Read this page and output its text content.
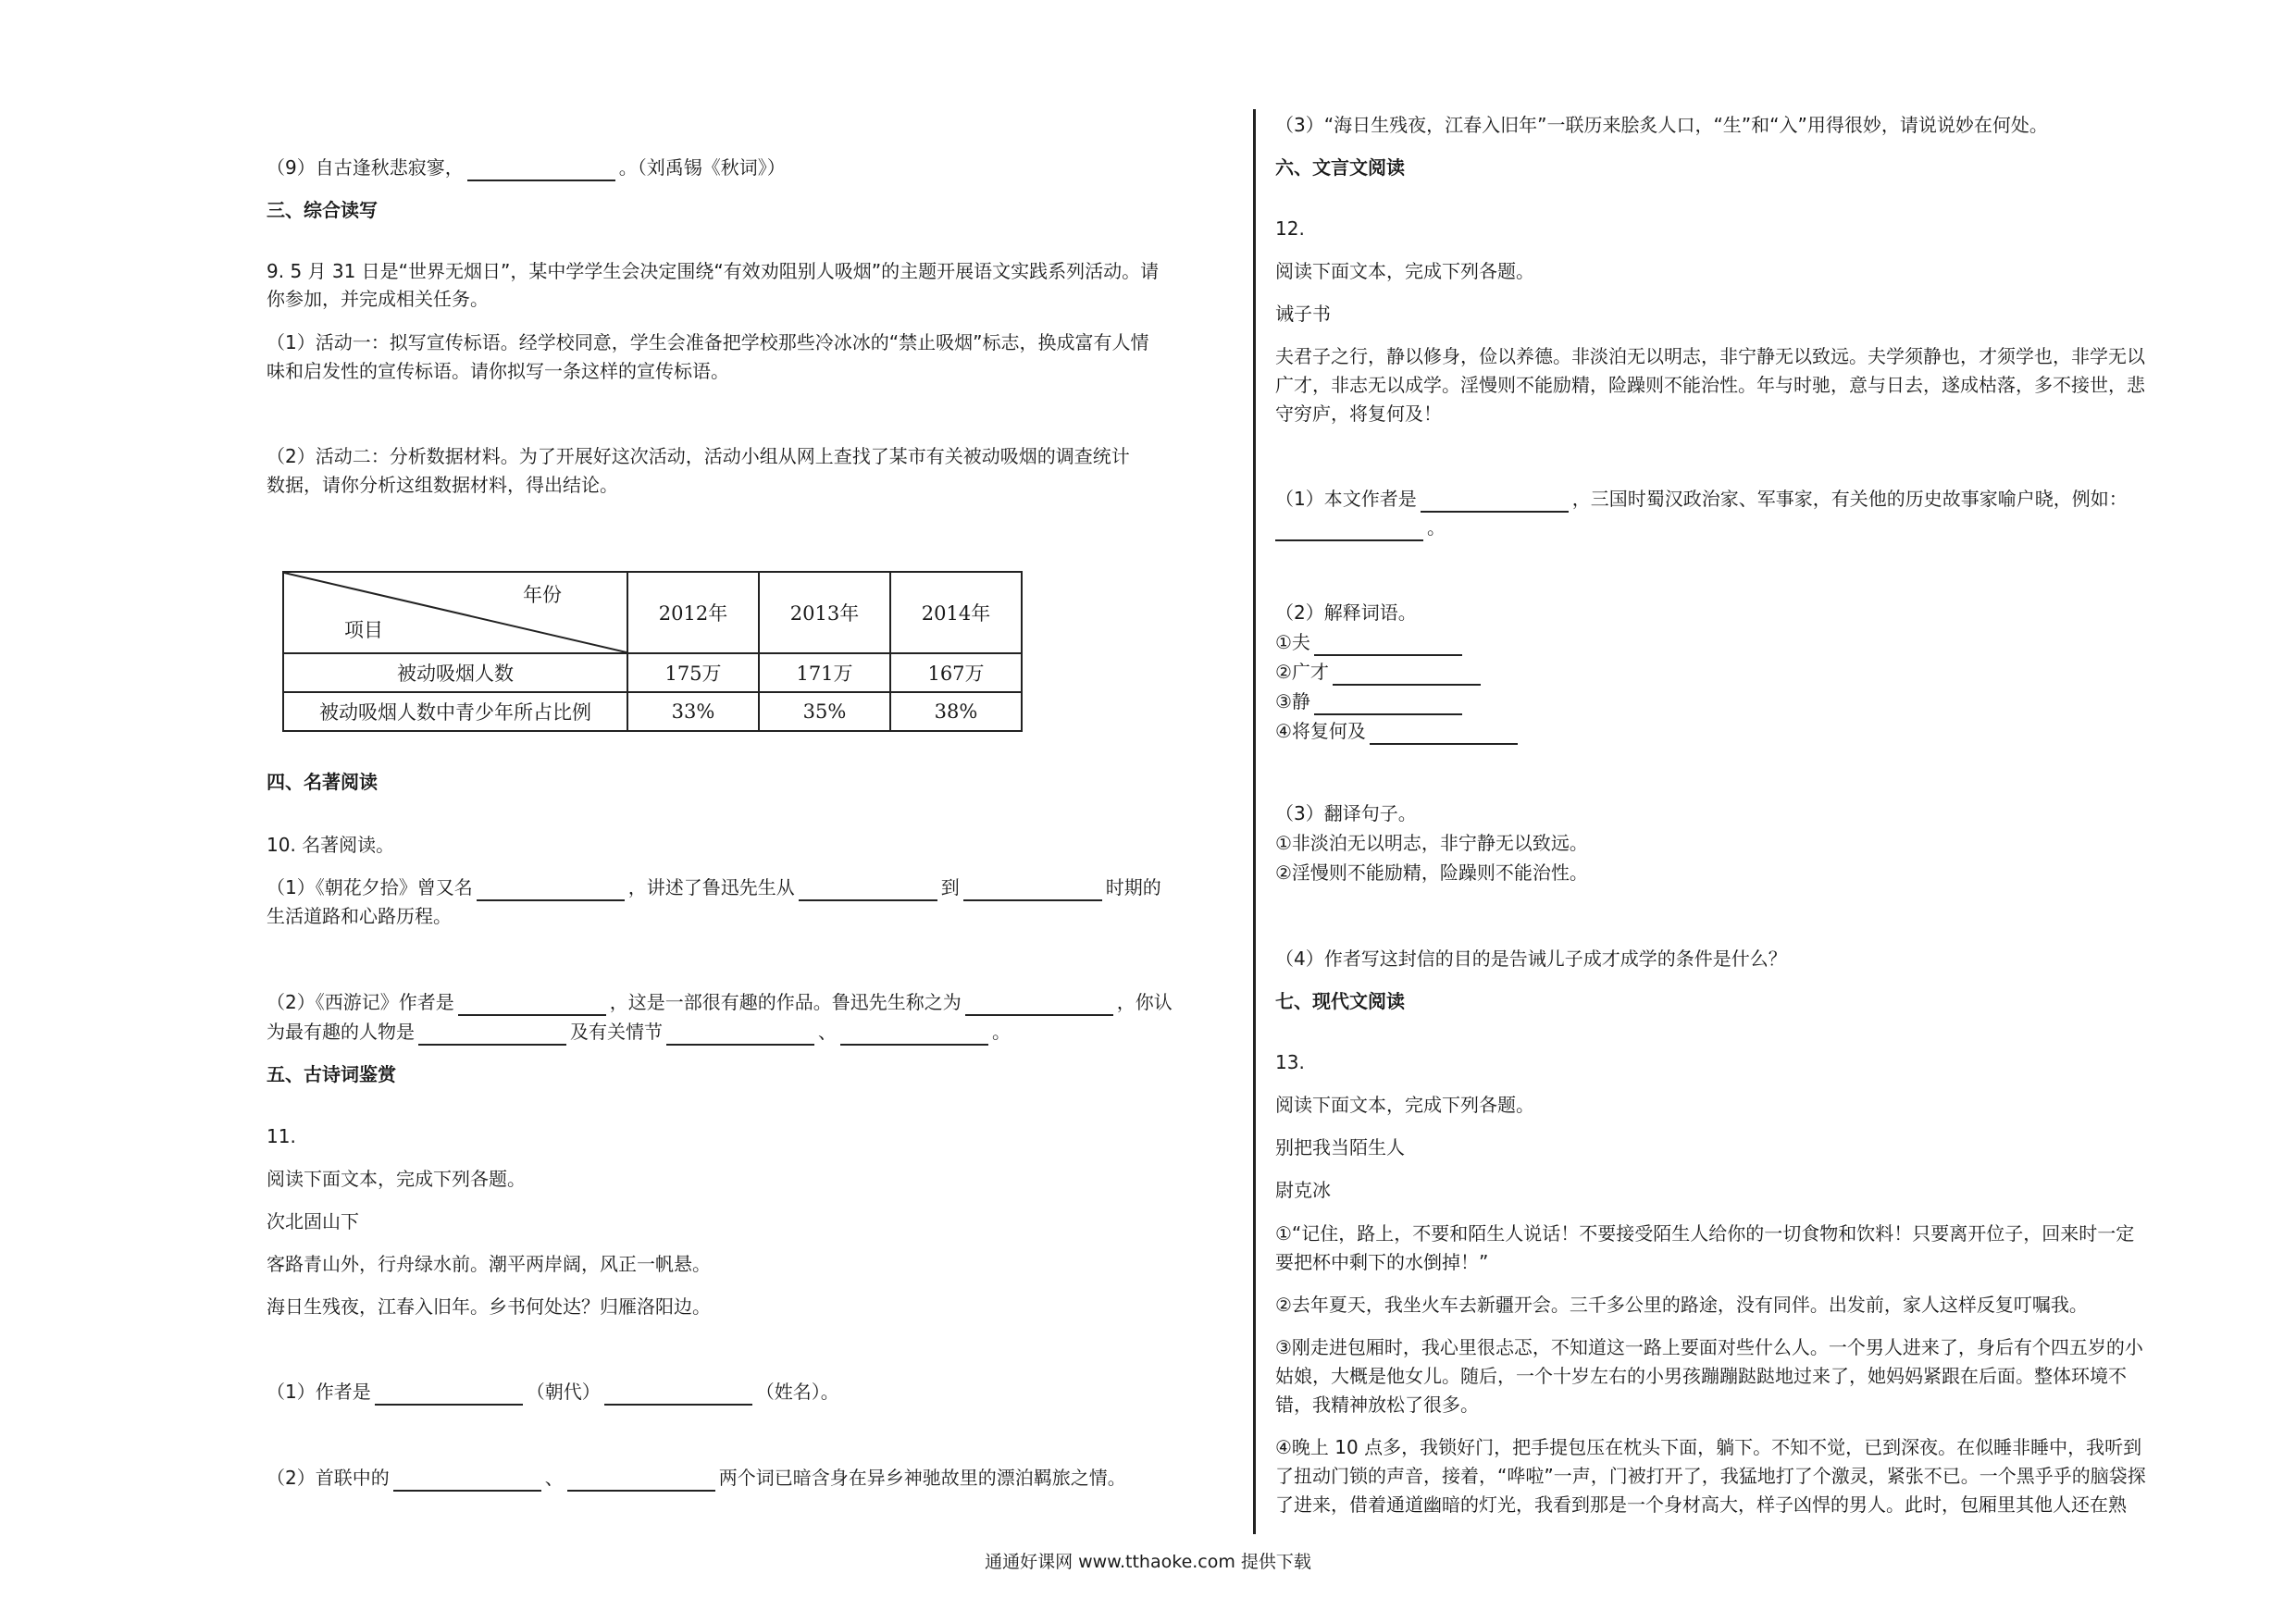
（9）自古逢秋悲寂寥，	。（刘禹锡《秋词》）
三、综合读写
9. 5 月 31 日是“世界无烟日”，某中学学生会决定围绕“有效劝阻别人吸烟”的主题开展语文实践系列活动。请
你参加，并完成相关任务。
（1）活动一：拟写宣传标语。经学校同意，学生会准备把学校那些冷冰冰的“禁止吸烟”标志，换成富有人情
味和启发性的宣传标语。请你拟写一条这样的宣传标语。
（2）活动二：分析数据材料。为了开展好这次活动，活动小组从网上查找了某市有关被动吸烟的调查统计
数据，请你分析这组数据材料，得出结论。
四、名著阅读
10. 名著阅读。
（1）《朝花夕拾》曾又名	，讲述了鲁迅先生从	到	时期的
生活道路和心路历程。
（2）《西游记》作者是	，这是一部很有趣的作品。鲁迅先生称之为	，你认
为最有趣的人物是	及有关情节	、	。
五、古诗词鉴赏
11.
阅读下面文本，完成下列各题。
次北固山下
客路青山外，行舟绿水前。潮平两岸阔，风正一帆悬。
海日生残夜，江春入旧年。乡书何处达？归雁洛阳边。
（1）作者是	（朝代）	（姓名）。
（2）首联中的	、	两个词已暗含身在异乡神驰故里的漂泊羁旅之情。
年份
项目	2012年	2013年	2014年
被动吸烟人数	175万	171万	167万
被动吸烟人数中青少年所占比例	33%	35%	38%
（3）“海日生残夜，江春入旧年”一联历来脍炙人口，“生”和“入”用得很妙，请说说妙在何处。
六、文言文阅读
12.
阅读下面文本，完成下列各题。
诫子书
夫君子之行，静以修身，俭以养德。非淡泊无以明志，非宁静无以致远。夫学须静也，才须学也，非学无以
广才，非志无以成学。淫慢则不能励精，险躁则不能治性。年与时驰，意与日去，遂成枯落，多不接世，悲
守穷庐，将复何及！
（1）本文作者是	，三国时蜀汉政治家、军事家，有关他的历史故事家喻户晓，例如：
。
（2）解释词语。
①夫
②广才
③静
④将复何及
（3）翻译句子。
①非淡泊无以明志，非宁静无以致远。
②淫慢则不能励精，险躁则不能治性。
（4）作者写这封信的目的是告诫儿子成才成学的条件是什么？
七、现代文阅读
13.
阅读下面文本，完成下列各题。
别把我当陌生人
尉克冰
①“记住，路上，不要和陌生人说话！不要接受陌生人给你的一切食物和饮料！只要离开位子，回来时一定
要把杯中剩下的水倒掉！”
②去年夏天，我坐火车去新疆开会。三千多公里的路途，没有同伴。出发前，家人这样反复叮嘱我。
③刚走进包厢时，我心里很忐忑，不知道这一路上要面对些什么人。一个男人进来了，身后有个四五岁的小
姑娘，大概是他女儿。随后，一个十岁左右的小男孩蹦蹦跶跶地过来了，她妈妈紧跟在后面。整体环境不
错，我精神放松了很多。
④晚上 10 点多，我锁好门，把手提包压在枕头下面，躺下。不知不觉，已到深夜。在似睡非睡中，我听到
了扭动门锁的声音，接着，“哗啦”一声，门被打开了，我猛地打了个激灵，紧张不已。一个黑乎乎的脑袋探
了进来，借着通道幽暗的灯光，我看到那是一个身材高大，样子凶悍的男人。此时，包厢里其他人还在熟
通通好课网 www.tthaoke.com 提供下载
